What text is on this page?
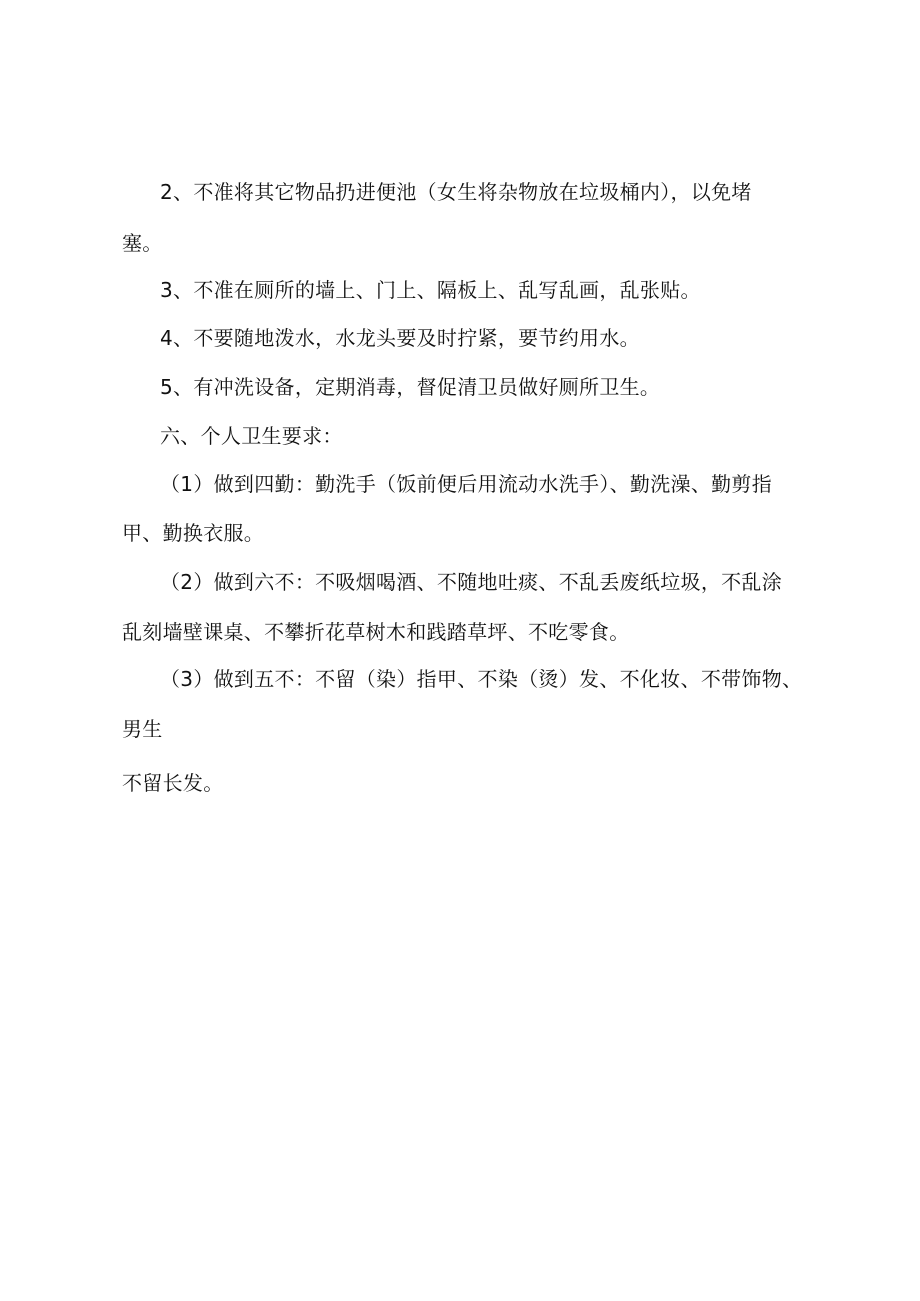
2、不准将其它物品扔进便池（女生将杂物放在垃圾桶内），以免堵

塞。

3、不准在厕所的墙上、门上、隔板上、乱写乱画，乱张贴。

4、不要随地泼水，水龙头要及时拧紧，要节约用水。

5、有冲洗设备，定期消毒，督促清卫员做好厕所卫生。

六、个人卫生要求：

（1）做到四勤：勤洗手（饭前便后用流动水洗手）、勤洗澡、勤剪指

甲、勤换衣服。

（2）做到六不：不吸烟喝酒、不随地吐痰、不乱丢废纸垃圾，不乱涂

乱刻墙壁课桌、不攀折花草树木和践踏草坪、不吃零食。

（3）做到五不：不留（染）指甲、不染（烫）发、不化妆、不带饰物、

男生

不留长发。
